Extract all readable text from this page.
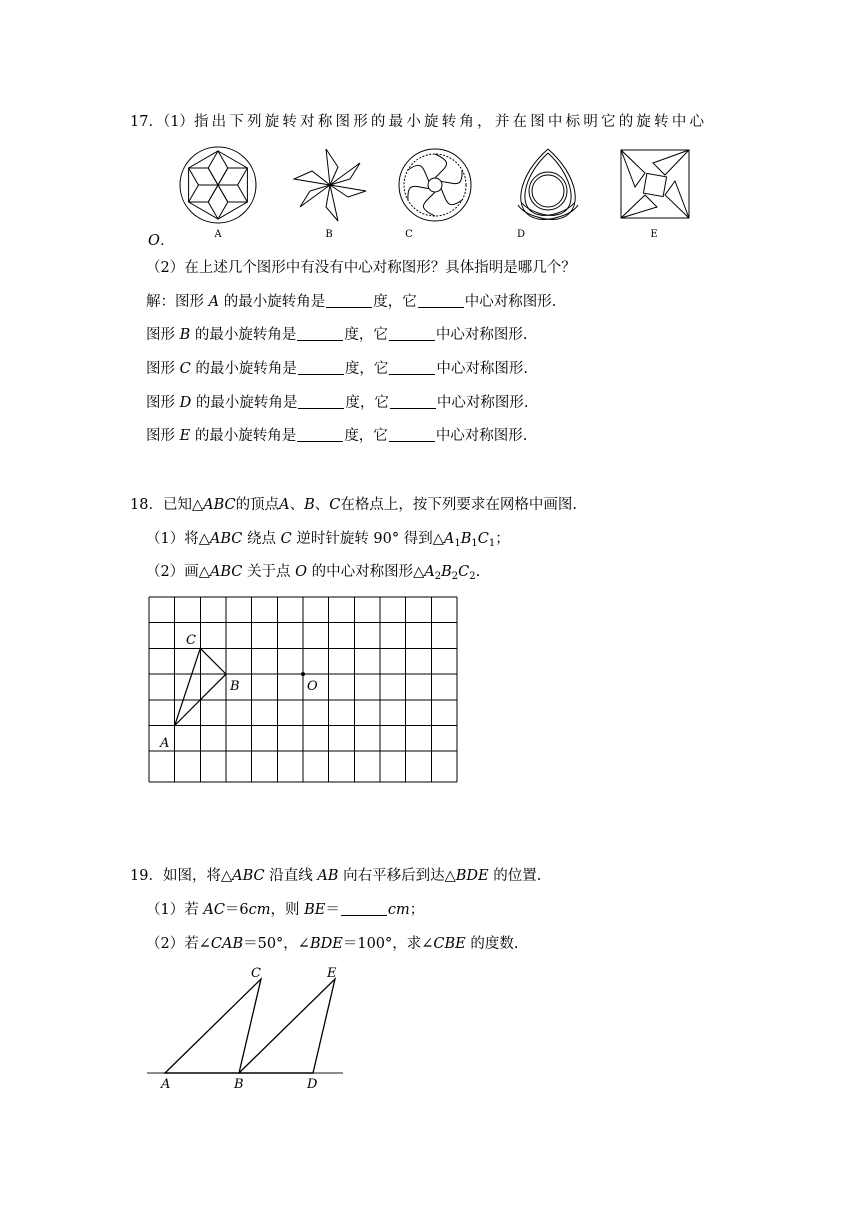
17．（1）指出下列旋转对称图形的最小旋转角，并在图中标明它的旋转中心
A	B	C	D	E
O．
（2）在上述几个图形中有没有中心对称图形？具体指明是哪几个？
解：图形 A 的最小旋转角是	度，它	中心对称图形.
图形 B 的最小旋转角是	度，它	中心对称图形.
图形 C 的最小旋转角是	度，它	中心对称图形.
图形 D 的最小旋转角是	度，它	中心对称图形.
图形 E 的最小旋转角是	度，它	中心对称图形.
18．已知△ABC的顶点A、B、C在格点上，按下列要求在网格中画图.
（1）将△ABC 绕点 C 逆时针旋转 90° 得到$\triangle A_1B_1C_1$；
（2）画△ABC 关于点 O 的中心对称图形$\triangle A_2B_2C_2$.
C
B	O
A
19．如图，将△ABC 沿直线 AB 向右平移后到达△BDE 的位置.
（1）若 AC＝6cm，则 BE＝	cm；
（2）若∠CAB＝50°，∠BDE＝100°，求∠CBE 的度数.
C	E
A	B	D
